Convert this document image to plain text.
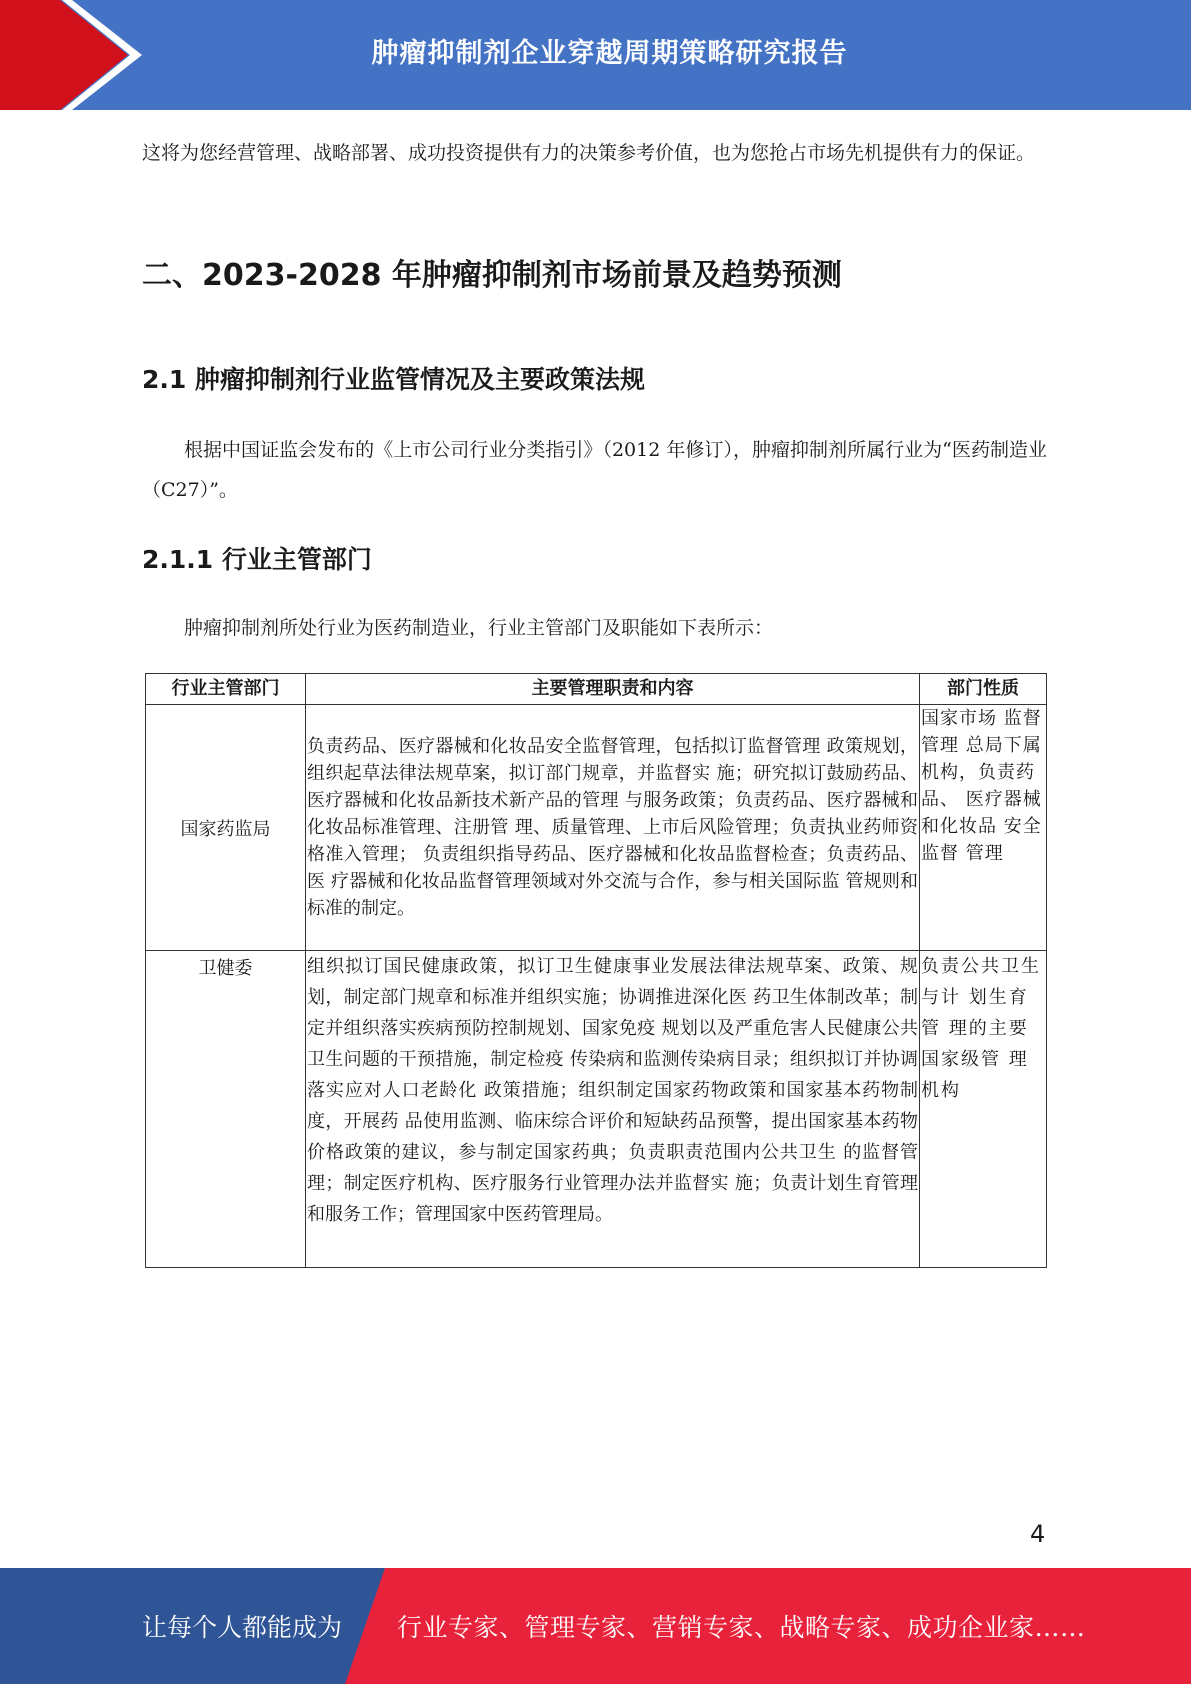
肿瘤抑制剂企业穿越周期策略研究报告

这将为您经营管理、战略部署、成功投资提供有力的决策参考价值，也为您抢占市场先机提供有力的保证。

二、2023-2028 年肿瘤抑制剂市场前景及趋势预测
2.1 肿瘤抑制剂行业监管情况及主要政策法规

根据中国证监会发布的《上市公司行业分类指引》（2012 年修订），肿瘤抑制剂所属行业为“医药制造业（C27）”。

2.1.1 行业主管部门

肿瘤抑制剂所处行业为医药制造业，行业主管部门及职能如下表所示：

行业主管部门	主要管理职责和内容	部门性质
国家药监局	负责药品、医疗器械和化妆品安全监督管理，包括拟订监督管理 政策规划，组织起草法律法规草案，拟订部门规章，并监督实 施；研究拟订鼓励药品、医疗器械和化妆品新技术新产品的管理 与服务政策；负责药品、医疗器械和化妆品标准管理、注册管 理、质量管理、上市后风险管理；负责执业药师资格准入管理； 负责组织指导药品、医疗器械和化妆品监督检查；负责药品、医 疗器械和化妆品监督管理领域对外交流与合作，参与相关国际监 管规则和标准的制定。	国家市场 监督管理 总局下属 机构，负责药品、 医疗器械 和化妆品 安全监督 管理
卫健委	组织拟订国民健康政策，拟订卫生健康事业发展法律法规草案、政策、规划，制定部门规章和标准并组织实施；协调推进深化医 药卫生体制改革；制定并组织落实疾病预防控制规划、国家免疫 规划以及严重危害人民健康公共卫生问题的干预措施，制定检疫 传染病和监测传染病目录；组织拟订并协调落实应对人口老龄化 政策措施；组织制定国家药物政策和国家基本药物制度，开展药 品使用监测、临床综合评价和短缺药品预警，提出国家基本药物 价格政策的建议，参与制定国家药典；负责职责范围内公共卫生 的监督管理；制定医疗机构、医疗服务行业管理办法并监督实 施；负责计划生育管理和服务工作；管理国家中医药管理局。	负责公共卫生与计 划生育管 理的主要国家级管 理机构
4
让每个人都能成为 行业专家、管理专家、营销专家、战略专家、成功企业家……
